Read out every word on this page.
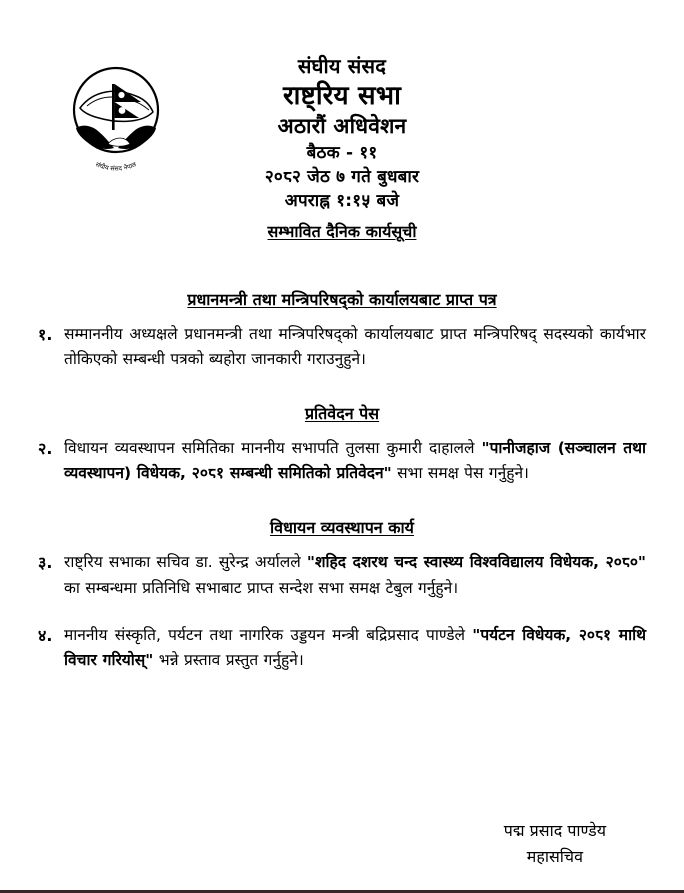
संघीय संसद नेपाल
संघीय संसद
राष्ट्रिय सभा
अठारौं अधिवेशन
बैठक - ११
२०८२ जेठ ७ गते बुधबार
अपराह्न १:१५ बजे
सम्भावित दैनिक कार्यसूची
प्रधानमन्त्री तथा मन्त्रिपरिषद्को कार्यालयबाट प्राप्त पत्र
१. सम्माननीय अध्यक्षले प्रधानमन्त्री तथा मन्त्रिपरिषद्को कार्यालयबाट प्राप्त मन्त्रिपरिषद् सदस्यको कार्यभार तोकिएको सम्बन्धी पत्रको ब्यहोरा जानकारी गराउनुहुने।
प्रतिवेदन पेस
२. विधायन व्यवस्थापन समितिका माननीय सभापति तुलसा कुमारी दाहालले "पानीजहाज (सञ्चालन तथा व्यवस्थापन) विधेयक, २०८१ सम्बन्धी समितिको प्रतिवेदन" सभा समक्ष पेस गर्नुहुने।
विधायन व्यवस्थापन कार्य
३. राष्ट्रिय सभाका सचिव डा. सुरेन्द्र अर्यालले "शहिद दशरथ चन्द स्वास्थ्य विश्वविद्यालय विधेयक, २०८०" का सम्बन्धमा प्रतिनिधि सभाबाट प्राप्त सन्देश सभा समक्ष टेबुल गर्नुहुने।
४. माननीय संस्कृति, पर्यटन तथा नागरिक उड्डयन मन्त्री बद्रिप्रसाद पाण्डेले "पर्यटन विधेयक, २०८१ माथि विचार गरियोस्" भन्ने प्रस्ताव प्रस्तुत गर्नुहुने।
पद्म प्रसाद पाण्डेय
महासचिव
